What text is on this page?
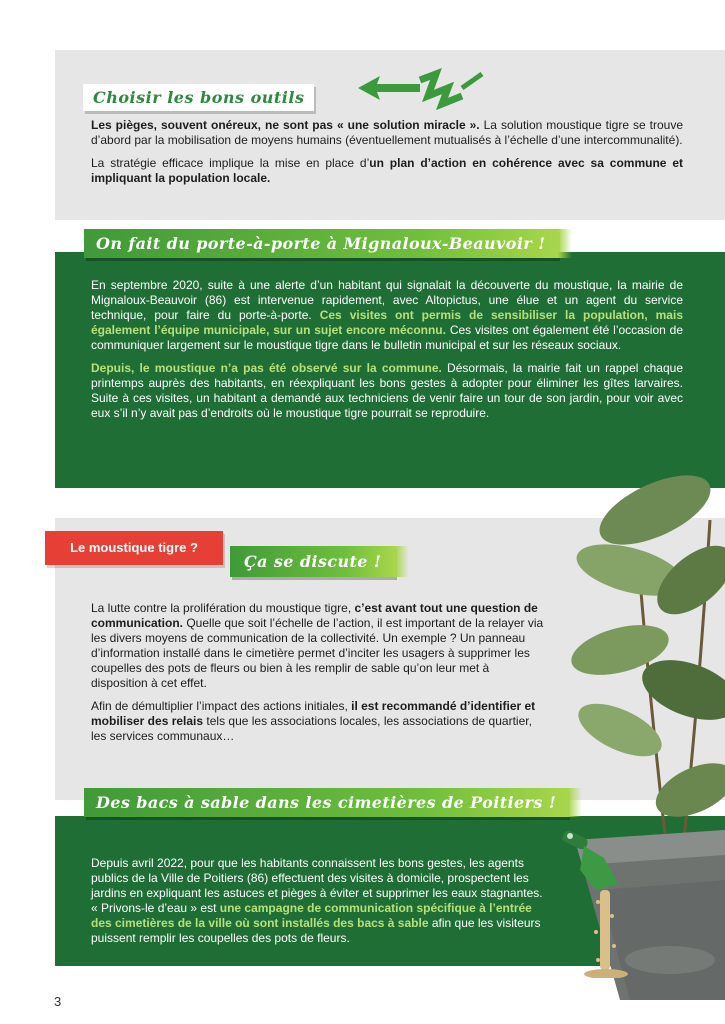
Choisir les bons outils

Les pièges, souvent onéreux, ne sont pas « une solution miracle ». La solution moustique tigre se trouve d’abord par la mobilisation de moyens humains (éventuellement mutualisés à l’échelle d’une intercommunalité).

La stratégie efficace implique la mise en place d’un plan d’action en cohérence avec sa commune et impliquant la population locale.

On fait du porte-à-porte à Mignaloux-Beauvoir !

En septembre 2020, suite à une alerte d’un habitant qui signalait la découverte du moustique, la mairie de Mignaloux-Beauvoir (86) est intervenue rapidement, avec Altopictus, une élue et un agent du service technique, pour faire du porte-à-porte. Ces visites ont permis de sensibiliser la population, mais également l’équipe municipale, sur un sujet encore méconnu. Ces visites ont également été l’occasion de communiquer largement sur le moustique tigre dans le bulletin municipal et sur les réseaux sociaux.

Depuis, le moustique n’a pas été observé sur la commune. Désormais, la mairie fait un rappel chaque printemps auprès des habitants, en réexpliquant les bons gestes à adopter pour éliminer les gîtes larvaires. Suite à ces visites, un habitant a demandé aux techniciens de venir faire un tour de son jardin, pour voir avec eux s’il n’y avait pas d’endroits où le moustique tigre pourrait se reproduire.

Le moustique tigre ?
Ça se discute !

La lutte contre la prolifération du moustique tigre, c’est avant tout une question de communication. Quelle que soit l’échelle de l’action, il est important de la relayer via les divers moyens de communication de la collectivité. Un exemple ? Un panneau d’information installé dans le cimetière permet d’inciter les usagers à supprimer les coupelles des pots de fleurs ou bien à les remplir de sable qu’on leur met à disposition à cet effet.

Afin de démultiplier l’impact des actions initiales, il est recommandé d’identifier et mobiliser des relais tels que les associations locales, les associations de quartier, les services communaux…

Des bacs à sable dans les cimetières de Poitiers !

Depuis avril 2022, pour que les habitants connaissent les bons gestes, les agents publics de la Ville de Poitiers (86) effectuent des visites à domicile, prospectent les jardins en expliquant les astuces et pièges à éviter et supprimer les eaux stagnantes. « Privons-le d’eau » est une campagne de communication spécifique à l’entrée des cimetières de la ville où sont installés des bacs à sable afin que les visiteurs puissent remplir les coupelles des pots de fleurs.

3
